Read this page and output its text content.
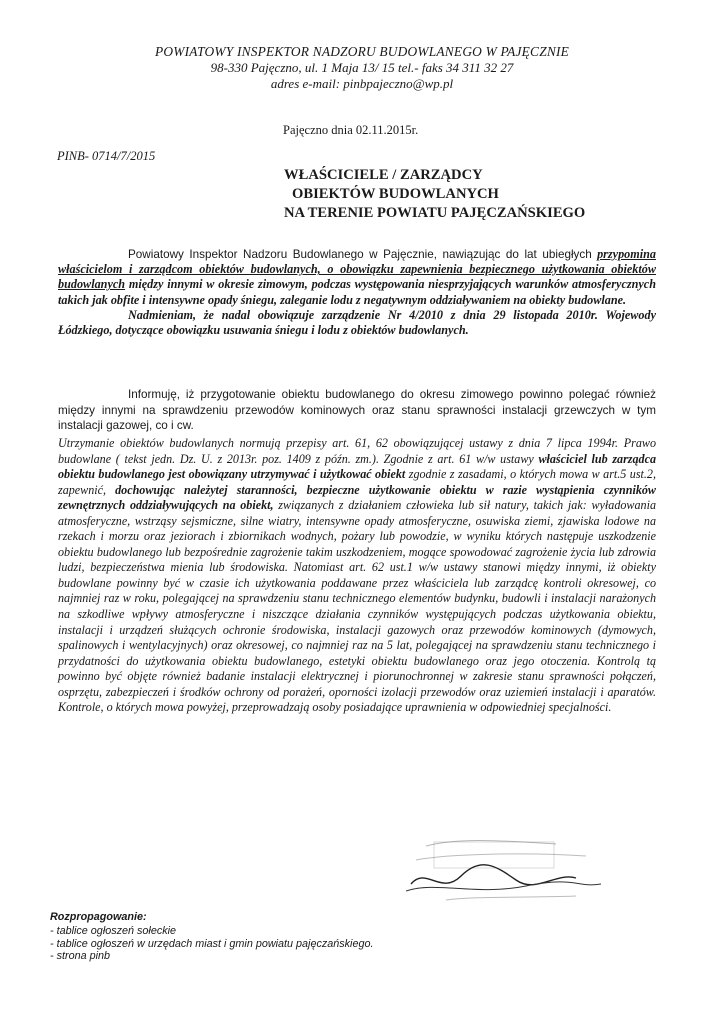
POWIATOWY INSPEKTOR NADZORU BUDOWLANEGO W PAJĘCZNIE
98-330 Pajęczno, ul. 1 Maja 13/ 15 tel.- faks 34 311 32 27
adres e-mail: pinbpajeczno@wp.pl
Pajęczno dnia 02.11.2015r.
PINB- 0714/7/2015
WŁAŚCICIELE / ZARZĄDCY
OBIEKTÓW BUDOWLANYCH
NA TERENIE POWIATU PAJĘCZAŃSKIEGO
Powiatowy Inspektor Nadzoru Budowlanego w Pajęcznie, nawiązując do lat ubiegłych przypomina właścicielom i zarządcom obiektów budowlanych, o obowiązku zapewnienia bezpiecznego użytkowania obiektów budowlanych między innymi w okresie zimowym, podczas występowania niesprzyjających warunków atmosferycznych takich jak obfite i intensywne opady śniegu, zaleganie lodu z negatywnym oddziaływaniem na obiekty budowlane.
Nadmieniam, że nadal obowiązuje zarządzenie Nr 4/2010 z dnia 29 listopada 2010r. Wojewody Łódzkiego, dotyczące obowiązku usuwania śniegu i lodu z obiektów budowlanych.
Informuję, iż przygotowanie obiektu budowlanego do okresu zimowego powinno polegać również między innymi na sprawdzeniu przewodów kominowych oraz stanu sprawności instalacji grzewczych w tym instalacji gazowej, co i cw.
Utrzymanie obiektów budowlanych normują przepisy art. 61, 62 obowiązującej ustawy z dnia 7 lipca 1994r. Prawo budowlane ( tekst jedn. Dz. U. z 2013r. poz. 1409 z późn. zm.). Zgodnie z art. 61 w/w ustawy właściciel lub zarządca obiektu budowlanego jest obowiązany utrzymywać i użytkować obiekt zgodnie z zasadami, o których mowa w art.5 ust.2, zapewnić, dochowując należytej staranności, bezpieczne użytkowanie obiektu w razie wystąpienia czynników zewnętrznych oddziaływujących na obiekt, związanych z działaniem człowieka lub sił natury, takich jak: wyładowania atmosferyczne, wstrząsy sejsmiczne, silne wiatry, intensywne opady atmosferyczne, osuwiska ziemi, zjawiska lodowe na rzekach i morzu oraz jeziorach i zbiornikach wodnych, pożary lub powodzie, w wyniku których następuje uszkodzenie obiektu budowlanego lub bezpośrednie zagrożenie takim uszkodzeniem, mogące spowodować zagrożenie życia lub zdrowia ludzi, bezpieczeństwa mienia lub środowiska. Natomiast art. 62 ust.1 w/w ustawy stanowi między innymi, iż obiekty budowlane powinny być w czasie ich użytkowania poddawane przez właściciela lub zarządcę kontroli okresowej, co najmniej raz w roku, polegającej na sprawdzeniu stanu technicznego elementów budynku, budowli i instalacji narażonych na szkodliwe wpływy atmosferyczne i niszczące działania czynników występujących podczas użytkowania obiektu, instalacji i urządzeń służących ochronie środowiska, instalacji gazowych oraz przewodów kominowych (dymowych, spalinowych i wentylacyjnych) oraz okresowej, co najmniej raz na 5 lat, polegającej na sprawdzeniu stanu technicznego i przydatności do użytkowania obiektu budowlanego, estetyki obiektu budowlanego oraz jego otoczenia. Kontrolą tą powinno być objęte również badanie instalacji elektrycznej i piorunochronnej w zakresie stanu sprawności połączeń, osprzętu, zabezpieczeń i środków ochrony od porażeń, oporności izolacji przewodów oraz uziemień instalacji i aparatów. Kontrole, o których mowa powyżej, przeprowadzają osoby posiadające uprawnienia w odpowiedniej specjalności.
Rozpropagowanie:
- tablice ogłoszeń sołeckie
- tablice ogłoszeń w urzędach miast i gmin powiatu pajęczańskiego.
- strona pinb
